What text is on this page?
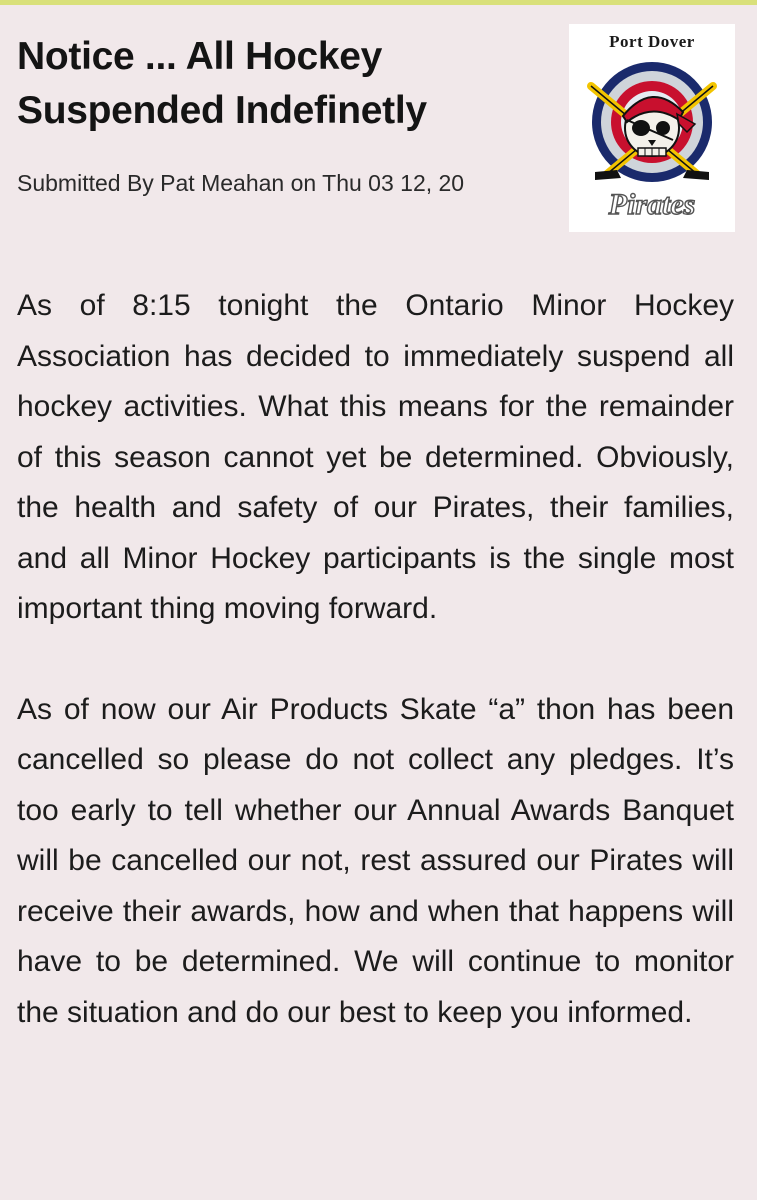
Notice ... All Hockey Suspended Indefinetly
Submitted By Pat Meahan on Thu 03 12, 20
Port Dover
Pirates

As of 8:15 tonight the Ontario Minor Hockey Association has decided to immediately suspend all hockey activities. What this means for the remainder of this season cannot yet be determined. Obviously, the health and safety of our Pirates, their families, and all Minor Hockey participants is the single most important thing moving forward.

As of now our Air Products Skate “a” thon has been cancelled so please do not collect any pledges. It’s too early to tell whether our Annual Awards Banquet will be cancelled our not, rest assured our Pirates will receive their awards, how and when that happens will have to be determined. We will continue to monitor the situation and do our best to keep you informed.
